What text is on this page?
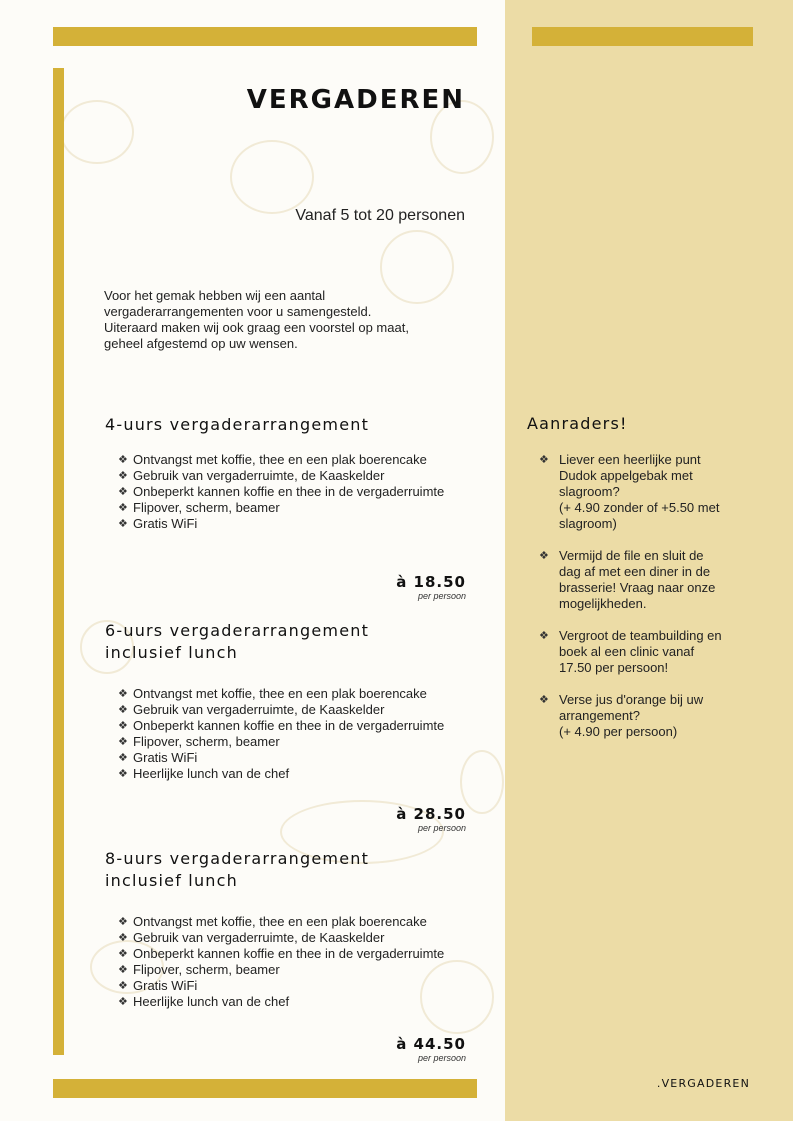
VERGADEREN
Vanaf 5 tot 20 personen
Voor het gemak hebben wij een aantal
vergaderarrangementen voor u samengesteld.
Uiteraard maken wij ook graag een voorstel op maat,
geheel afgestemd op uw wensen.
4-uurs vergaderarrangement
❖ Ontvangst met koffie, thee en een plak boerencake
❖ Gebruik van vergaderruimte, de Kaaskelder
❖ Onbeperkt kannen koffie en thee in de vergaderruimte
❖ Flipover, scherm, beamer
❖ Gratis WiFi
à 18.50
per persoon
6-uurs vergaderarrangement
inclusief lunch
❖ Ontvangst met koffie, thee en een plak boerencake
❖ Gebruik van vergaderruimte, de Kaaskelder
❖ Onbeperkt kannen koffie en thee in de vergaderruimte
❖ Flipover, scherm, beamer
❖ Gratis WiFi
❖ Heerlijke lunch van de chef
à 28.50
per persoon
8-uurs vergaderarrangement
inclusief lunch
❖ Ontvangst met koffie, thee en een plak boerencake
❖ Gebruik van vergaderruimte, de Kaaskelder
❖ Onbeperkt kannen koffie en thee in de vergaderruimte
❖ Flipover, scherm, beamer
❖ Gratis WiFi
❖ Heerlijke lunch van de chef
à 44.50
per persoon
Aanraders!
❖ Liever een heerlijke punt
Dudok appelgebak met
slagroom?
(+ 4.90 zonder of +5.50 met
slagroom)
❖ Vermijd de file en sluit de
dag af met een diner in de
brasserie! Vraag naar onze
mogelijkheden.
❖ Vergroot de teambuilding en
boek al een clinic vanaf
17.50 per persoon!
❖ Verse jus d'orange bij uw
arrangement?
(+ 4.90 per persoon)
.VERGADEREN
